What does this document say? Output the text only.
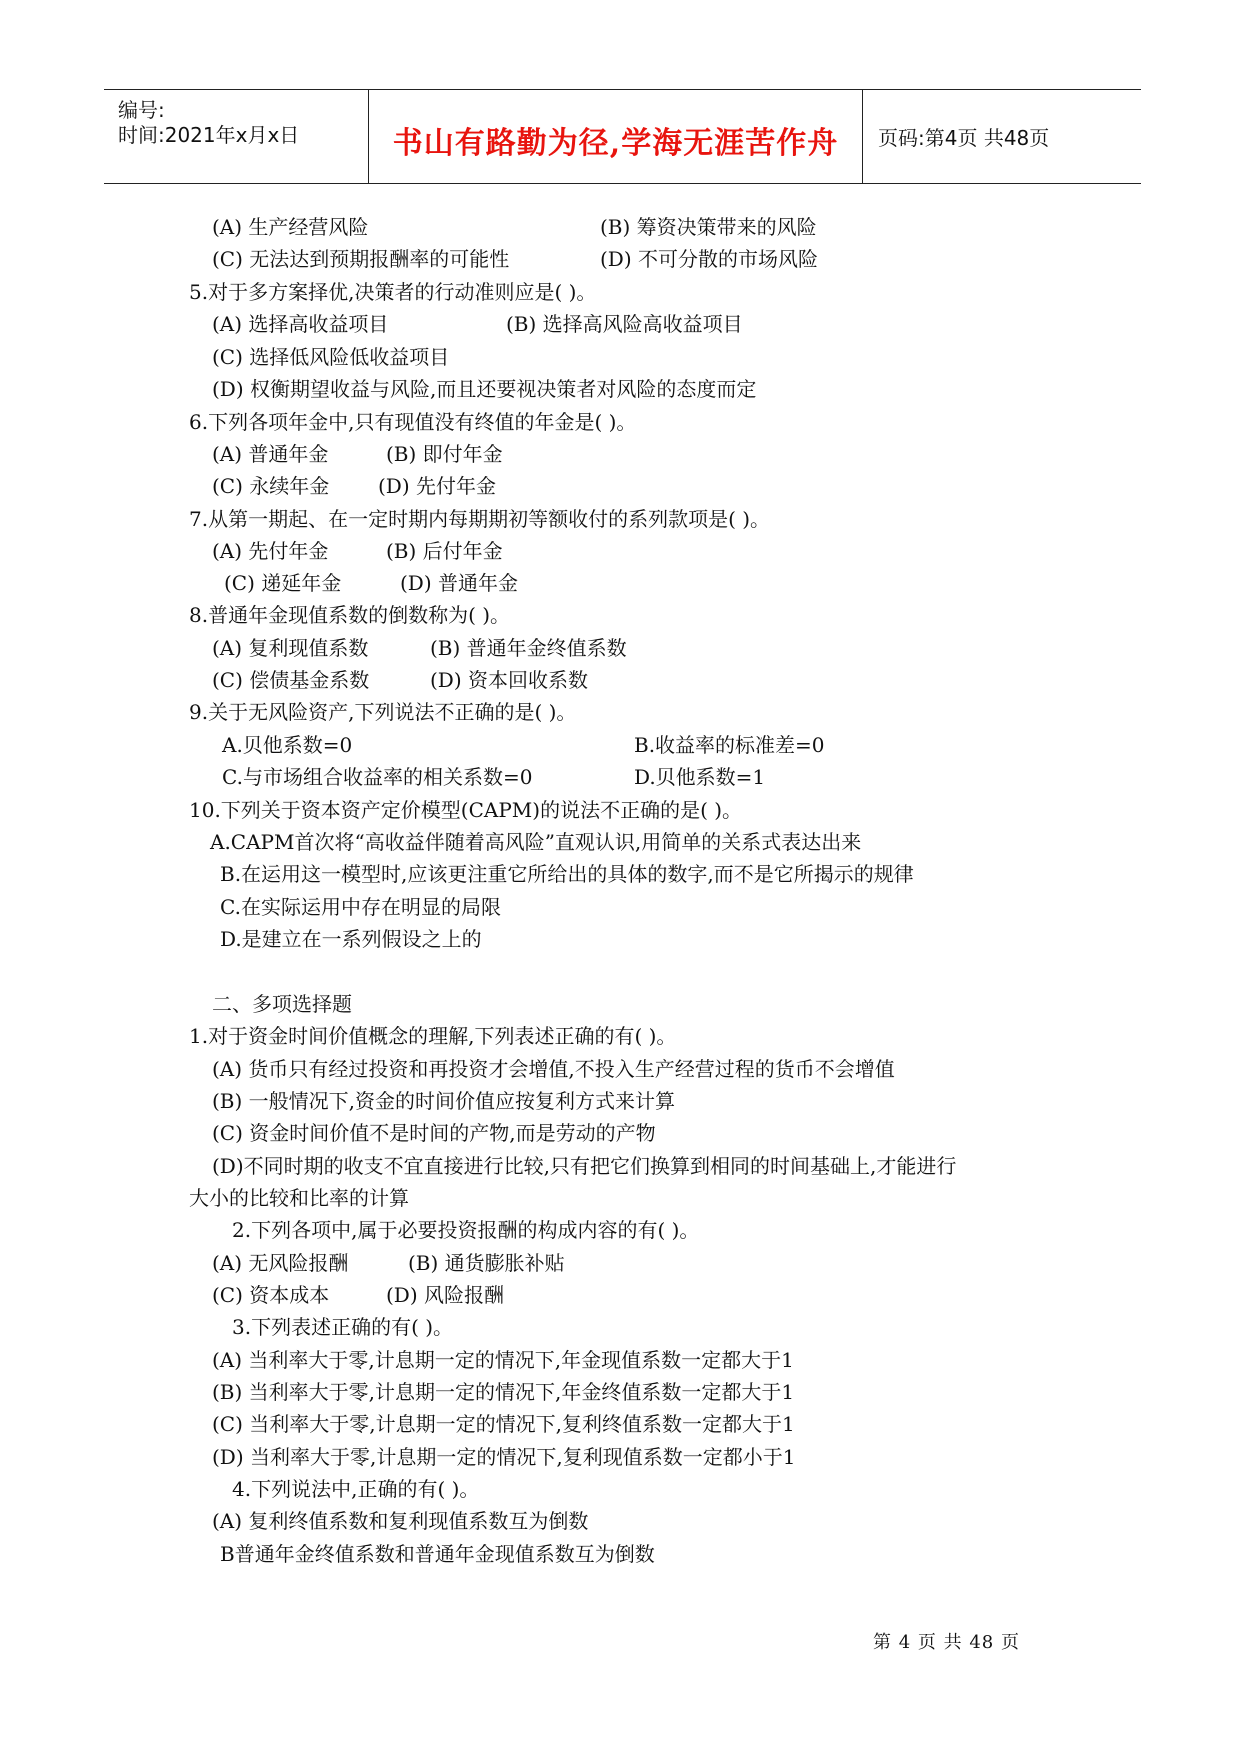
编号:
时间:2021年x月x日	书山有路勤为径,学海无涯苦作舟	页码:第4页 共48页
(A) 生产经营风险	(B) 筹资决策带来的风险
(C) 无法达到预期报酬率的可能性	(D) 不可分散的市场风险
5.对于多方案择优,决策者的行动准则应是( )。
(A) 选择高收益项目	(B) 选择高风险高收益项目
(C) 选择低风险低收益项目
(D) 权衡期望收益与风险,而且还要视决策者对风险的态度而定
6.下列各项年金中,只有现值没有终值的年金是( )。
(A) 普通年金	(B) 即付年金
(C) 永续年金 (D) 先付年金
7.从第一期起、在一定时期内每期期初等额收付的系列款项是( )。
(A) 先付年金	(B) 后付年金
(C) 递延年金	(D) 普通年金
8.普通年金现值系数的倒数称为( )。
(A) 复利现值系数	(B) 普通年金终值系数
(C) 偿债基金系数	(D) 资本回收系数
9.关于无风险资产,下列说法不正确的是( )。
A.贝他系数=0	B.收益率的标准差=0
C.与市场组合收益率的相关系数=0	D.贝他系数=1
10.下列关于资本资产定价模型(CAPM)的说法不正确的是( )。
A.CAPM首次将“高收益伴随着高风险”直观认识,用简单的关系式表达出来
B.在运用这一模型时,应该更注重它所给出的具体的数字,而不是它所揭示的规律
C.在实际运用中存在明显的局限
D.是建立在一系列假设之上的
二、多项选择题
1.对于资金时间价值概念的理解,下列表述正确的有( )。
(A) 货币只有经过投资和再投资才会增值,不投入生产经营过程的货币不会增值
(B) 一般情况下,资金的时间价值应按复利方式来计算
(C) 资金时间价值不是时间的产物,而是劳动的产物
(D)不同时期的收支不宜直接进行比较,只有把它们换算到相同的时间基础上,才能进行
大小的比较和比率的计算
2.下列各项中,属于必要投资报酬的构成内容的有( )。
(A) 无风险报酬	(B) 通货膨胀补贴
(C) 资本成本	(D) 风险报酬
3.下列表述正确的有( )。
(A) 当利率大于零,计息期一定的情况下,年金现值系数一定都大于1
(B) 当利率大于零,计息期一定的情况下,年金终值系数一定都大于1
(C) 当利率大于零,计息期一定的情况下,复利终值系数一定都大于1
(D) 当利率大于零,计息期一定的情况下,复利现值系数一定都小于1
4.下列说法中,正确的有( )。
(A) 复利终值系数和复利现值系数互为倒数
B普通年金终值系数和普通年金现值系数互为倒数
第 4 页 共 48 页
